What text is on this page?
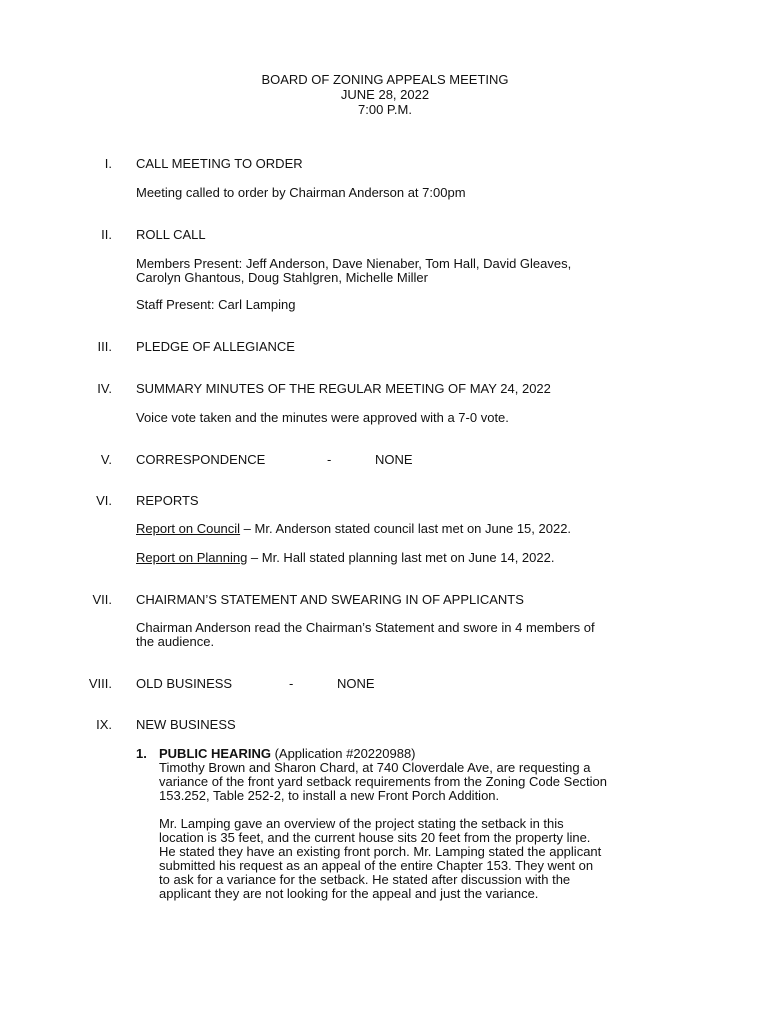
BOARD OF ZONING APPEALS MEETING
JUNE 28, 2022
7:00 P.M.
I. CALL MEETING TO ORDER
Meeting called to order by Chairman Anderson at 7:00pm
II. ROLL CALL
Members Present: Jeff Anderson, Dave Nienaber, Tom Hall, David Gleaves,
Carolyn Ghantous, Doug Stahlgren, Michelle Miller
Staff Present: Carl Lamping
III. PLEDGE OF ALLEGIANCE
IV. SUMMARY MINUTES OF THE REGULAR MEETING OF MAY 24, 2022
Voice vote taken and the minutes were approved with a 7-0 vote.
V. CORRESPONDENCE	-	NONE
VI. REPORTS
Report on Council – Mr. Anderson stated council last met on June 15, 2022.
Report on Planning – Mr. Hall stated planning last met on June 14, 2022.
VII. CHAIRMAN’S STATEMENT AND SWEARING IN OF APPLICANTS
Chairman Anderson read the Chairman’s Statement and swore in 4 members of
the audience.
VIII. OLD BUSINESS	-	NONE
IX. NEW BUSINESS
1. PUBLIC HEARING (Application #20220988)
Timothy Brown and Sharon Chard, at 740 Cloverdale Ave, are requesting a
variance of the front yard setback requirements from the Zoning Code Section
153.252, Table 252-2, to install a new Front Porch Addition.
Mr. Lamping gave an overview of the project stating the setback in this
location is 35 feet, and the current house sits 20 feet from the property line.
He stated they have an existing front porch. Mr. Lamping stated the applicant
submitted his request as an appeal of the entire Chapter 153. They went on
to ask for a variance for the setback. He stated after discussion with the
applicant they are not looking for the appeal and just the variance.
